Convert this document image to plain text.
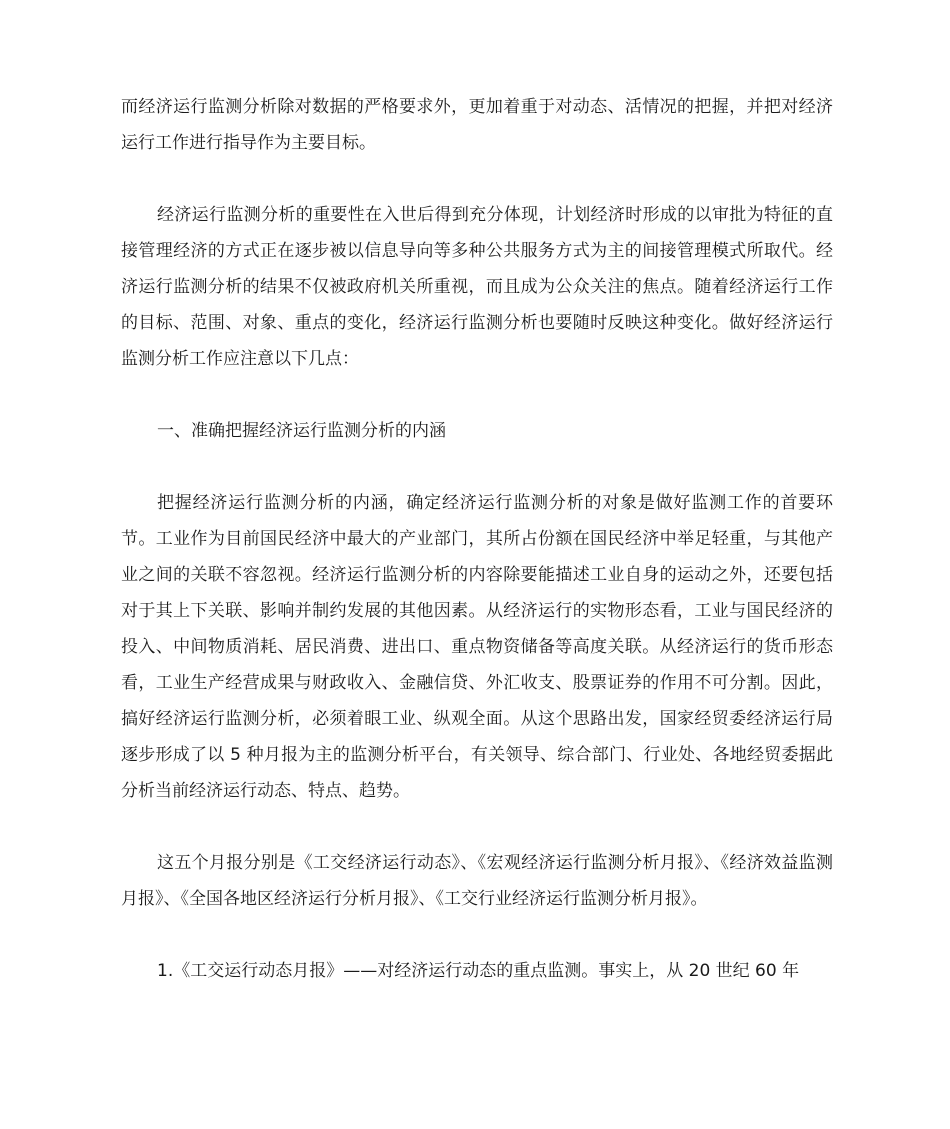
而经济运行监测分析除对数据的严格要求外，更加着重于对动态、活情况的把握，并把对经济运行工作进行指导作为主要目标。

经济运行监测分析的重要性在入世后得到充分体现，计划经济时形成的以审批为特征的直接管理经济的方式正在逐步被以信息导向等多种公共服务方式为主的间接管理模式所取代。经济运行监测分析的结果不仅被政府机关所重视，而且成为公众关注的焦点。随着经济运行工作的目标、范围、对象、重点的变化，经济运行监测分析也要随时反映这种变化。做好经济运行监测分析工作应注意以下几点：

一、准确把握经济运行监测分析的内涵

把握经济运行监测分析的内涵，确定经济运行监测分析的对象是做好监测工作的首要环节。工业作为目前国民经济中最大的产业部门，其所占份额在国民经济中举足轻重，与其他产业之间的关联不容忽视。经济运行监测分析的内容除要能描述工业自身的运动之外，还要包括对于其上下关联、影响并制约发展的其他因素。从经济运行的实物形态看，工业与国民经济的投入、中间物质消耗、居民消费、进出口、重点物资储备等高度关联。从经济运行的货币形态看，工业生产经营成果与财政收入、金融信贷、外汇收支、股票证券的作用不可分割。因此，搞好经济运行监测分析，必须着眼工业、纵观全面。从这个思路出发，国家经贸委经济运行局逐步形成了以 5 种月报为主的监测分析平台，有关领导、综合部门、行业处、各地经贸委据此分析当前经济运行动态、特点、趋势。

这五个月报分别是《工交经济运行动态》、《宏观经济运行监测分析月报》、《经济效益监测月报》、《全国各地区经济运行分析月报》、《工交行业经济运行监测分析月报》。

1.《工交运行动态月报》——对经济运行动态的重点监测。事实上，从 20 世纪 60 年
